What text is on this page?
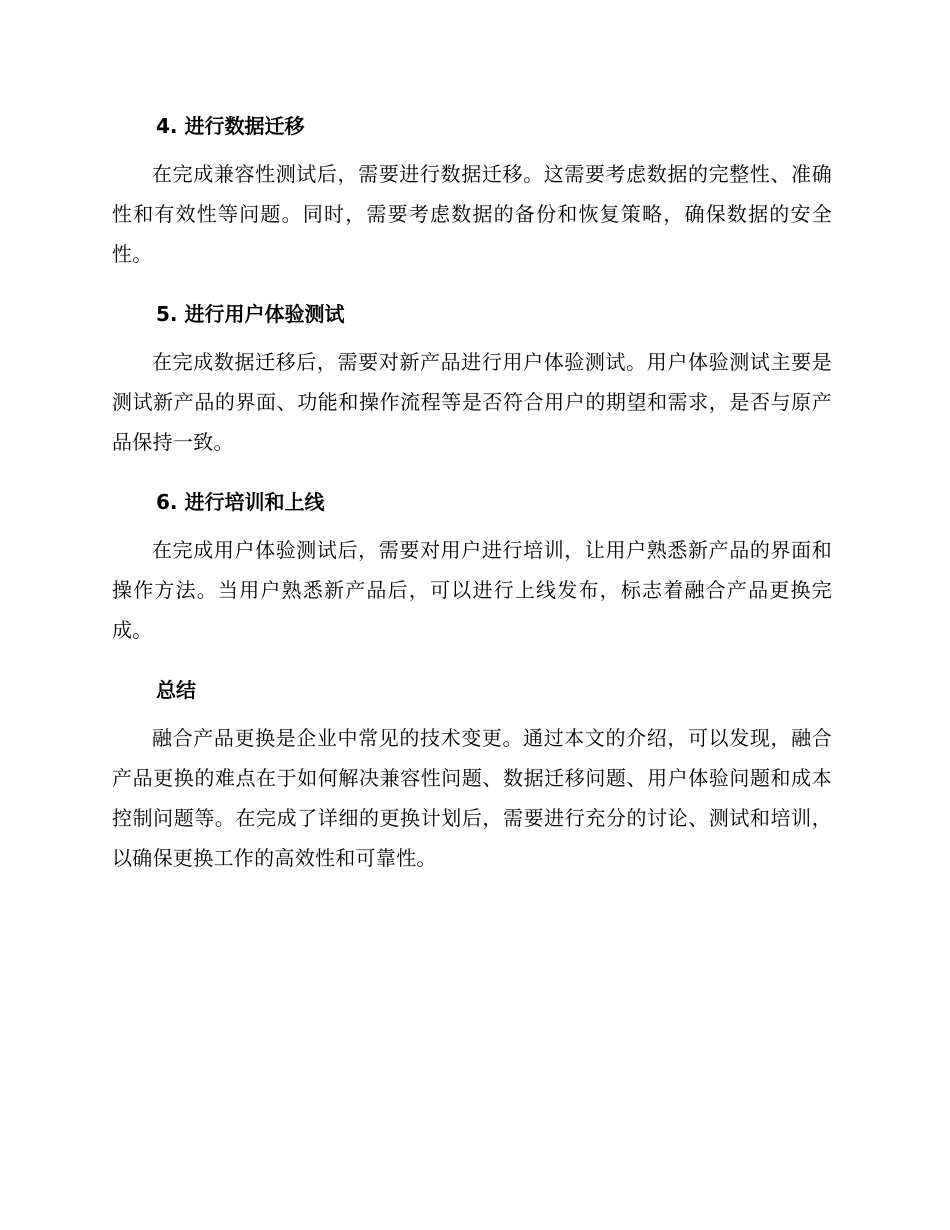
4. 进行数据迁移

在完成兼容性测试后，需要进行数据迁移。这需要考虑数据的完整性、准确性和有效性等问题。同时，需要考虑数据的备份和恢复策略，确保数据的安全性。

5. 进行用户体验测试

在完成数据迁移后，需要对新产品进行用户体验测试。用户体验测试主要是测试新产品的界面、功能和操作流程等是否符合用户的期望和需求，是否与原产品保持一致。

6. 进行培训和上线

在完成用户体验测试后，需要对用户进行培训，让用户熟悉新产品的界面和操作方法。当用户熟悉新产品后，可以进行上线发布，标志着融合产品更换完成。

总结

融合产品更换是企业中常见的技术变更。通过本文的介绍，可以发现，融合产品更换的难点在于如何解决兼容性问题、数据迁移问题、用户体验问题和成本控制问题等。在完成了详细的更换计划后，需要进行充分的讨论、测试和培训，以确保更换工作的高效性和可靠性。
